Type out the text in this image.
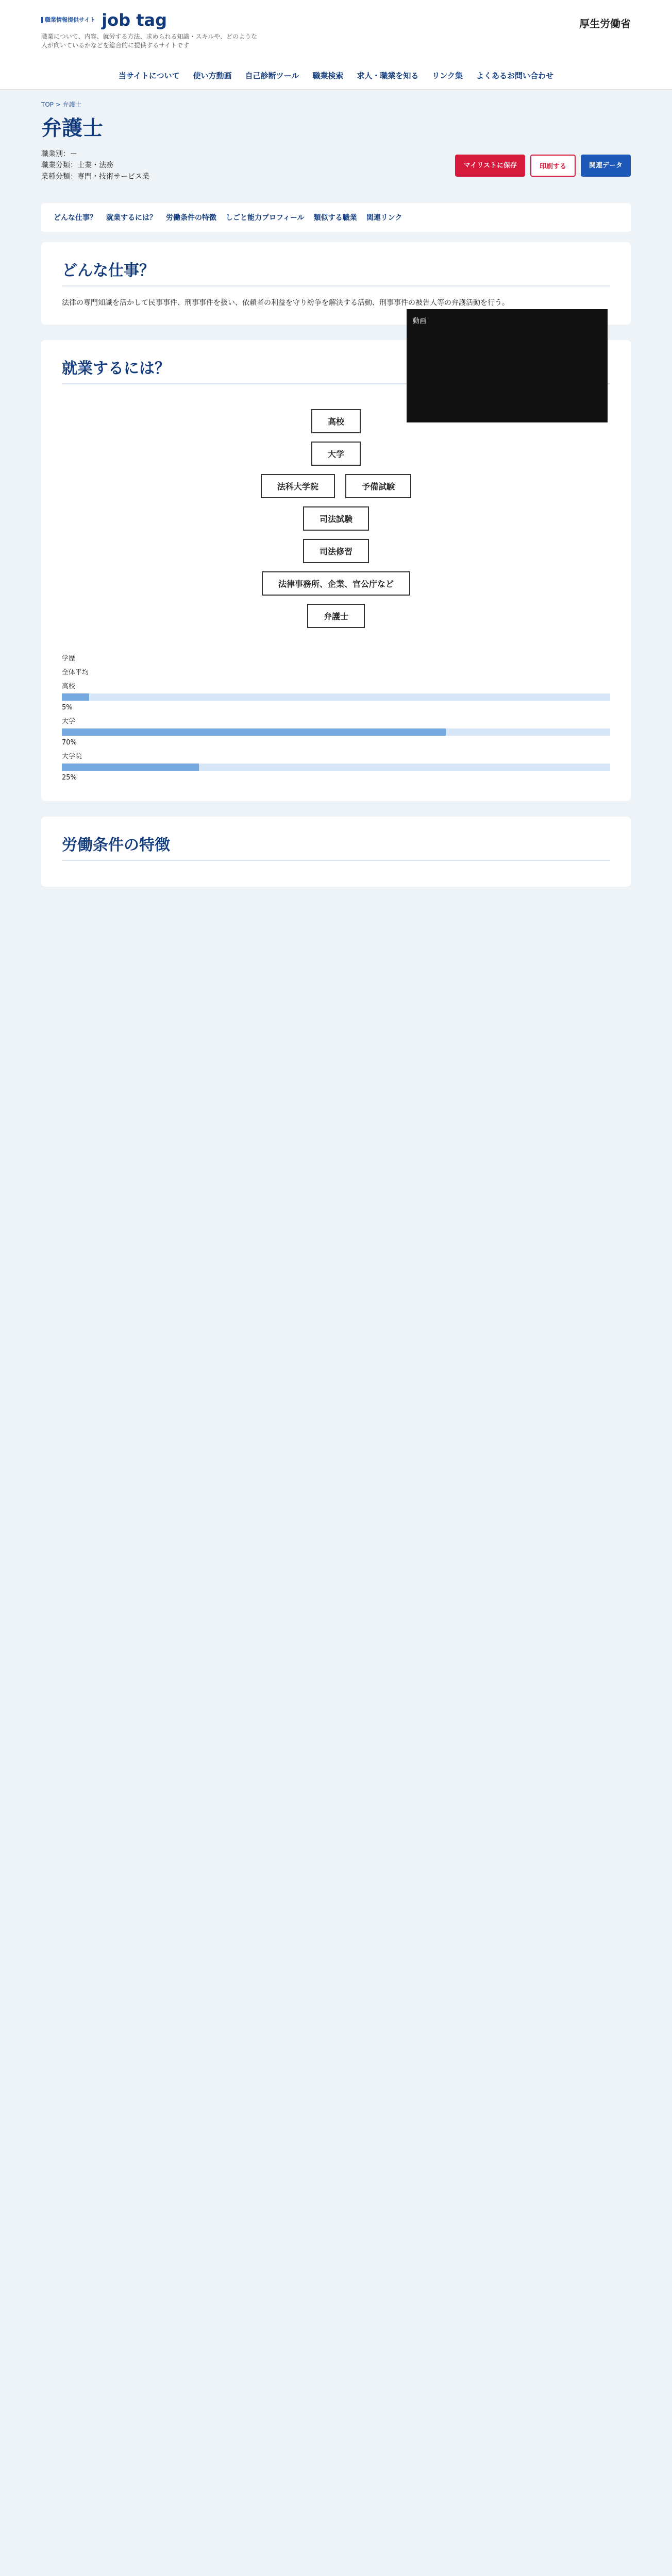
職業情報提供サイト job tag
職業について、内容、就労する方法、求められる知識・スキルや、どのような人が向いているかなどを総合的に提供するサイトです
厚生労働省
当サイトについて 使い方動画 自己診断ツール 職業検索 求人・職業を知る リンク集 よくあるお問い合わせ
TOP > 弁護士
弁護士
職業別：ー
職業分類：士業・法務
業種分類：専門・技術サービス業
マイリストに保存	印刷する	関連データ
どんな仕事？ 就業するには？ 労働条件の特徴 しごと能力プロフィール 類似する職業 関連リンク
どんな仕事？
法律の専門知識を活かして民事事件、刑事事件を扱い、依頼者の利益を守り紛争を解決する活動、刑事事件の被告人等の弁護活動を行う。
動画
就業するには？
高校
大学
法科大学院	予備試験
司法試験
司法修習
法律事務所、企業、官公庁など
弁護士
学歴
全体平均
高校
5%
大学
70%
大学院
25%
労働条件の特徴
